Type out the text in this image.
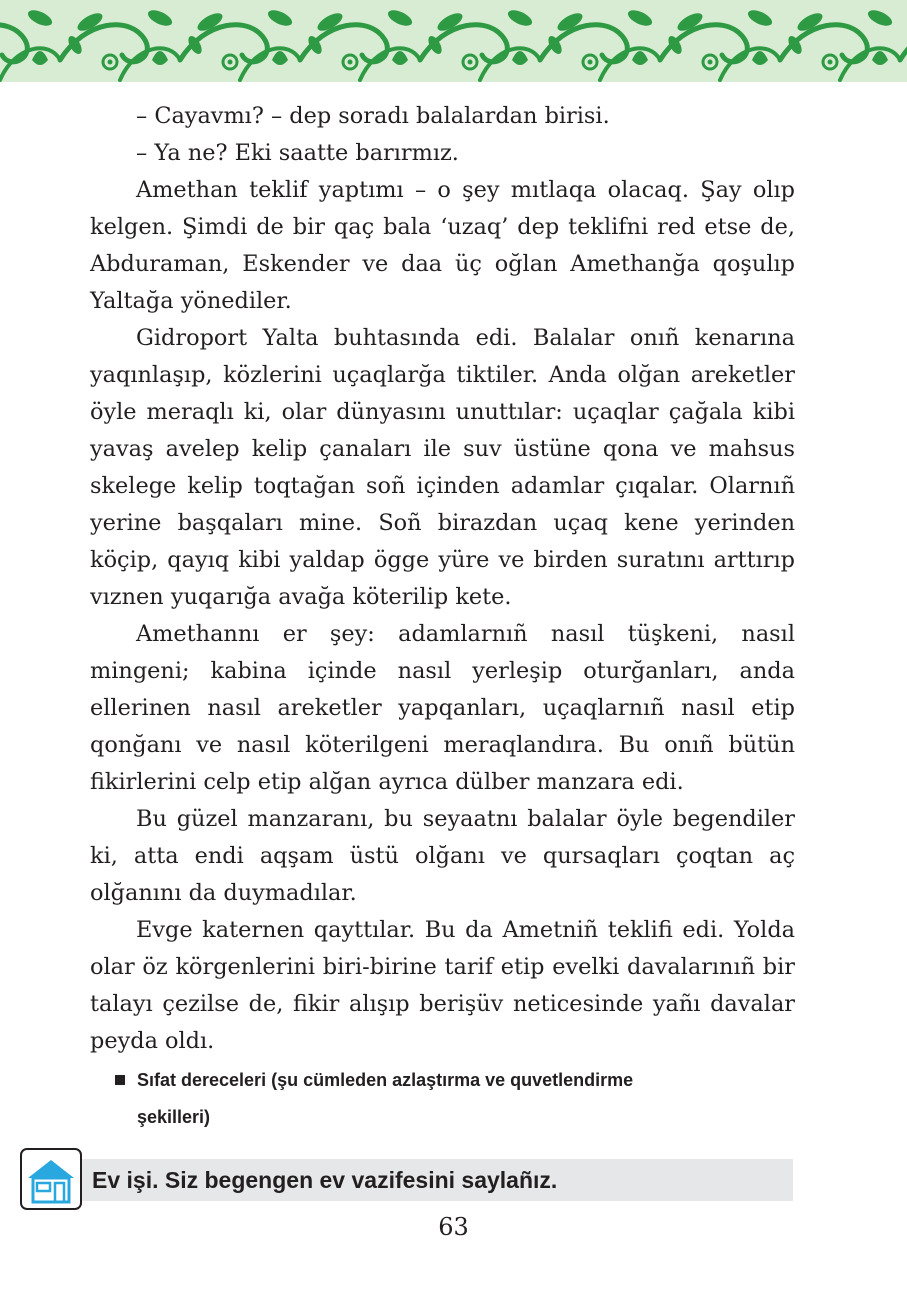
– Cayavmı? – dep soradı balalardan birisi.

– Ya ne? Eki saatte barırmız.

Amethan teklif yaptımı – o şey mıtlaqa olacaq. Şay olıp kelgen. Şimdi de bir qaç bala ‘uzaq’ dep teklifni red etse de, Abduraman, Eskender ve daa üç oğlan Amethanğa qoşulıp Yaltağa yönediler.

Gidroport Yalta buhtasında edi. Balalar onıñ kenarına yaqınlaşıp, közlerini uçaqlarğa tiktiler. Anda olğan areketler öyle meraqlı ki, olar dünyasını unuttılar: uçaqlar çağala kibi yavaş avelep kelip çanaları ile suv üstüne qona ve mahsus skelege kelip toqtağan soñ içinden adamlar çıqalar. Olarnıñ yerine başqaları mine. Soñ birazdan uçaq kene yerinden köçip, qayıq kibi yaldap ögge yüre ve birden suratını arttırıp vıznen yuqarığa avağa köterilip kete.

Amethannı er şey: adamlarnıñ nasıl tüşkeni, nasıl mingeni; kabina içinde nasıl yerleşip oturğanları, anda ellerinen nasıl areketler yapqanları, uçaqlarnıñ nasıl etip qonğanı ve nasıl köterilgeni meraqlandıra. Bu onıñ bütün fikirlerini celp etip alğan ayrıca dülber manzara edi.

Bu güzel manzaranı, bu seyaatnı balalar öyle begendiler ki, atta endi aqşam üstü olğanı ve qursaqları çoqtan aç olğanını da duymadılar.

Evge katernen qayttılar. Bu da Ametniñ teklifi edi. Yolda olar öz körgenlerini biri-birine tarif etip evelki davalarınıñ bir talayı çezilse de, fikir alışıp berişüv neticesinde yañı davalar peyda oldı.

Sıfat dereceleri (şu cümleden azlaştırma ve quvetlendirme
şekilleri)
Ev işi. Siz begengen ev vazifesini saylañız.
63
